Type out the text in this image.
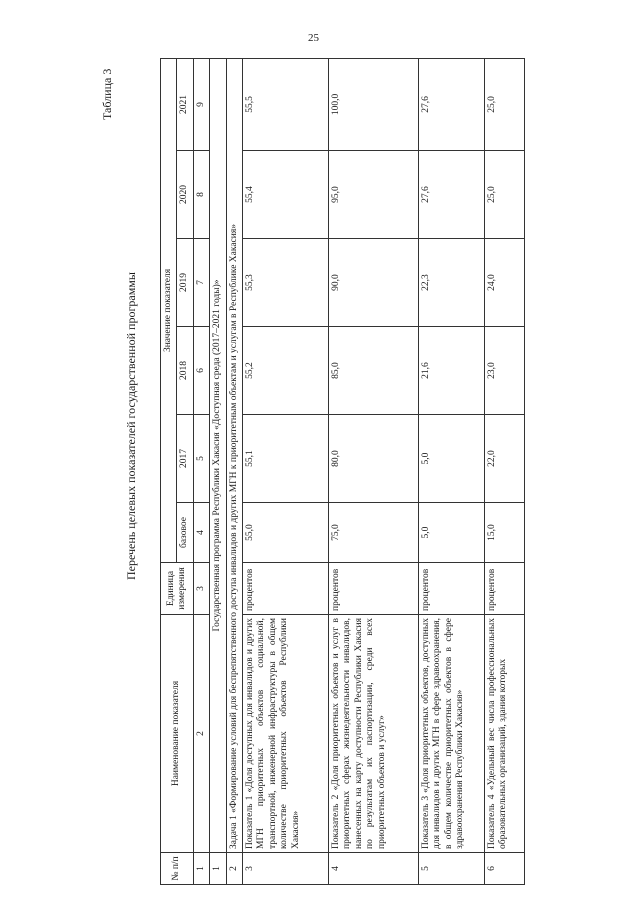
25
Таблица 3
Перечень целевых показателей государственной программы
№ п/п	Наименование показателя	Единица измерения	Значение показателя					
			базовое	2017	2018	2019	2020	2021
1	2	3	4	5	6	7	8	9
1	Государственная программа Республики Хакасия «Доступная среда (2017–2021 годы)»							
2	Задача 1 «Формирование условий для беспрепятственного доступа инвалидов и других МГН к приоритетным объектам и услугам в Республике Хакасия»							
3	Показатель 1 «Доля доступных для инвалидов и других МГН приоритетных объектов социальной, транспортной, инженерной инфраструктуры в общем количестве приоритетных объектов Республики Хакасия»	процентов	55,0	55,1	55,2	55,3	55,4	55,5
4	Показатель 2 «Доля приоритетных объектов и услуг в приоритетных сферах жизнедеятельности инвалидов, нанесенных на карту доступности Республики Хакасия по результатам их паспортизации, среди всех приоритетных объектов и услуг»	процентов	75,0	80,0	85,0	90,0	95,0	100,0
5	Показатель 3 «Доля приоритетных объектов, доступных для инвалидов и других МГН в сфере здравоохранения, в общем количестве приоритетных объектов в сфере здравоохранения Республики Хакасия»	процентов	5,0	5,0	21,6	22,3	27,6	27,6
6	Показатель 4 «Удельный вес числа профессиональных образовательных организаций, здания которых	процентов	15,0	22,0	23,0	24,0	25,0	25,0
